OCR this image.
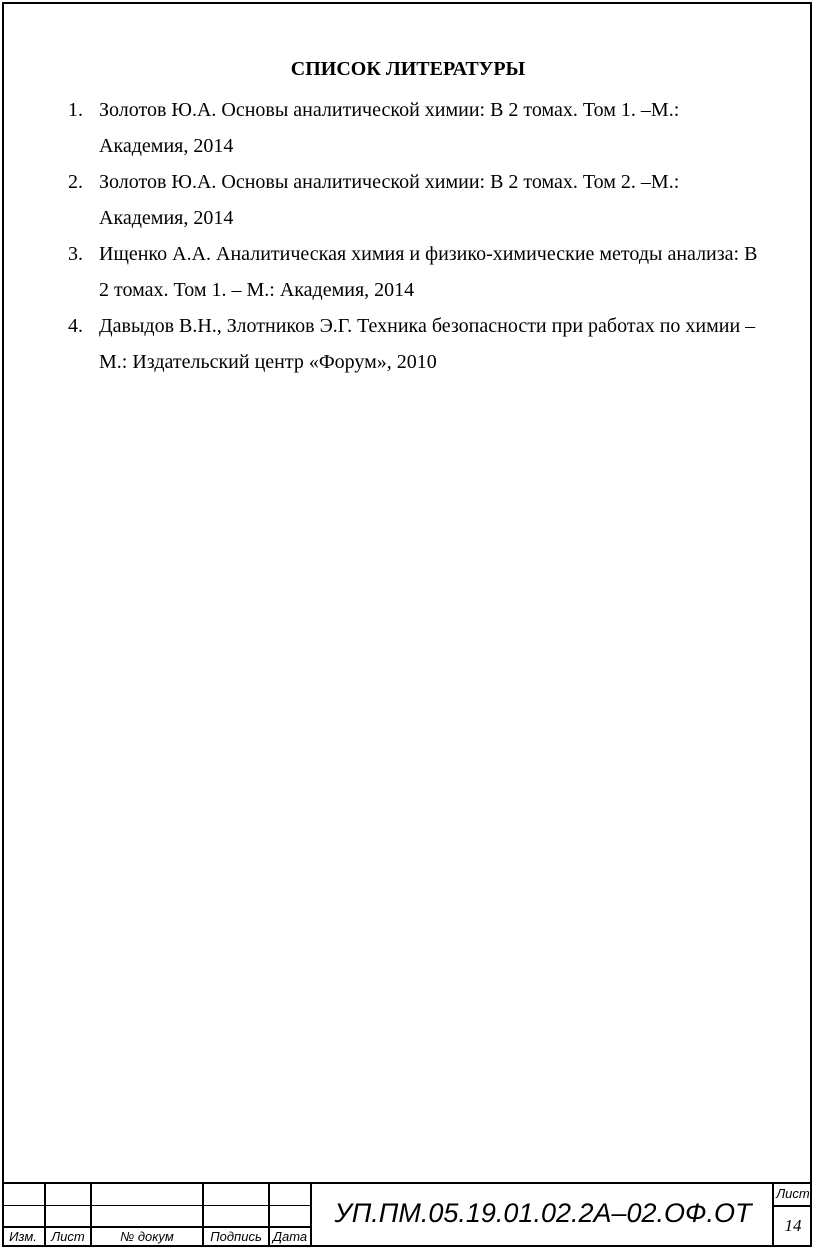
СПИСОК ЛИТЕРАТУРЫ
1. Золотов Ю.А. Основы аналитической химии: В 2 томах. Том 1. –М.: Академия, 2014
2. Золотов Ю.А. Основы аналитической химии: В 2 томах. Том 2. –М.: Академия, 2014
3. Ищенко А.А. Аналитическая химия и физико-химические методы анализа: В 2 томах. Том 1. – М.: Академия, 2014
4. Давыдов В.Н., Злотников Э.Г. Техника безопасности при работах по химии – М.: Издательский центр «Форум», 2010
Изм.	Лист	№ докум	Подпись Дата
УП.ПМ.05.19.01.02.2А–02.ОФ.ОТ
Лист
14
